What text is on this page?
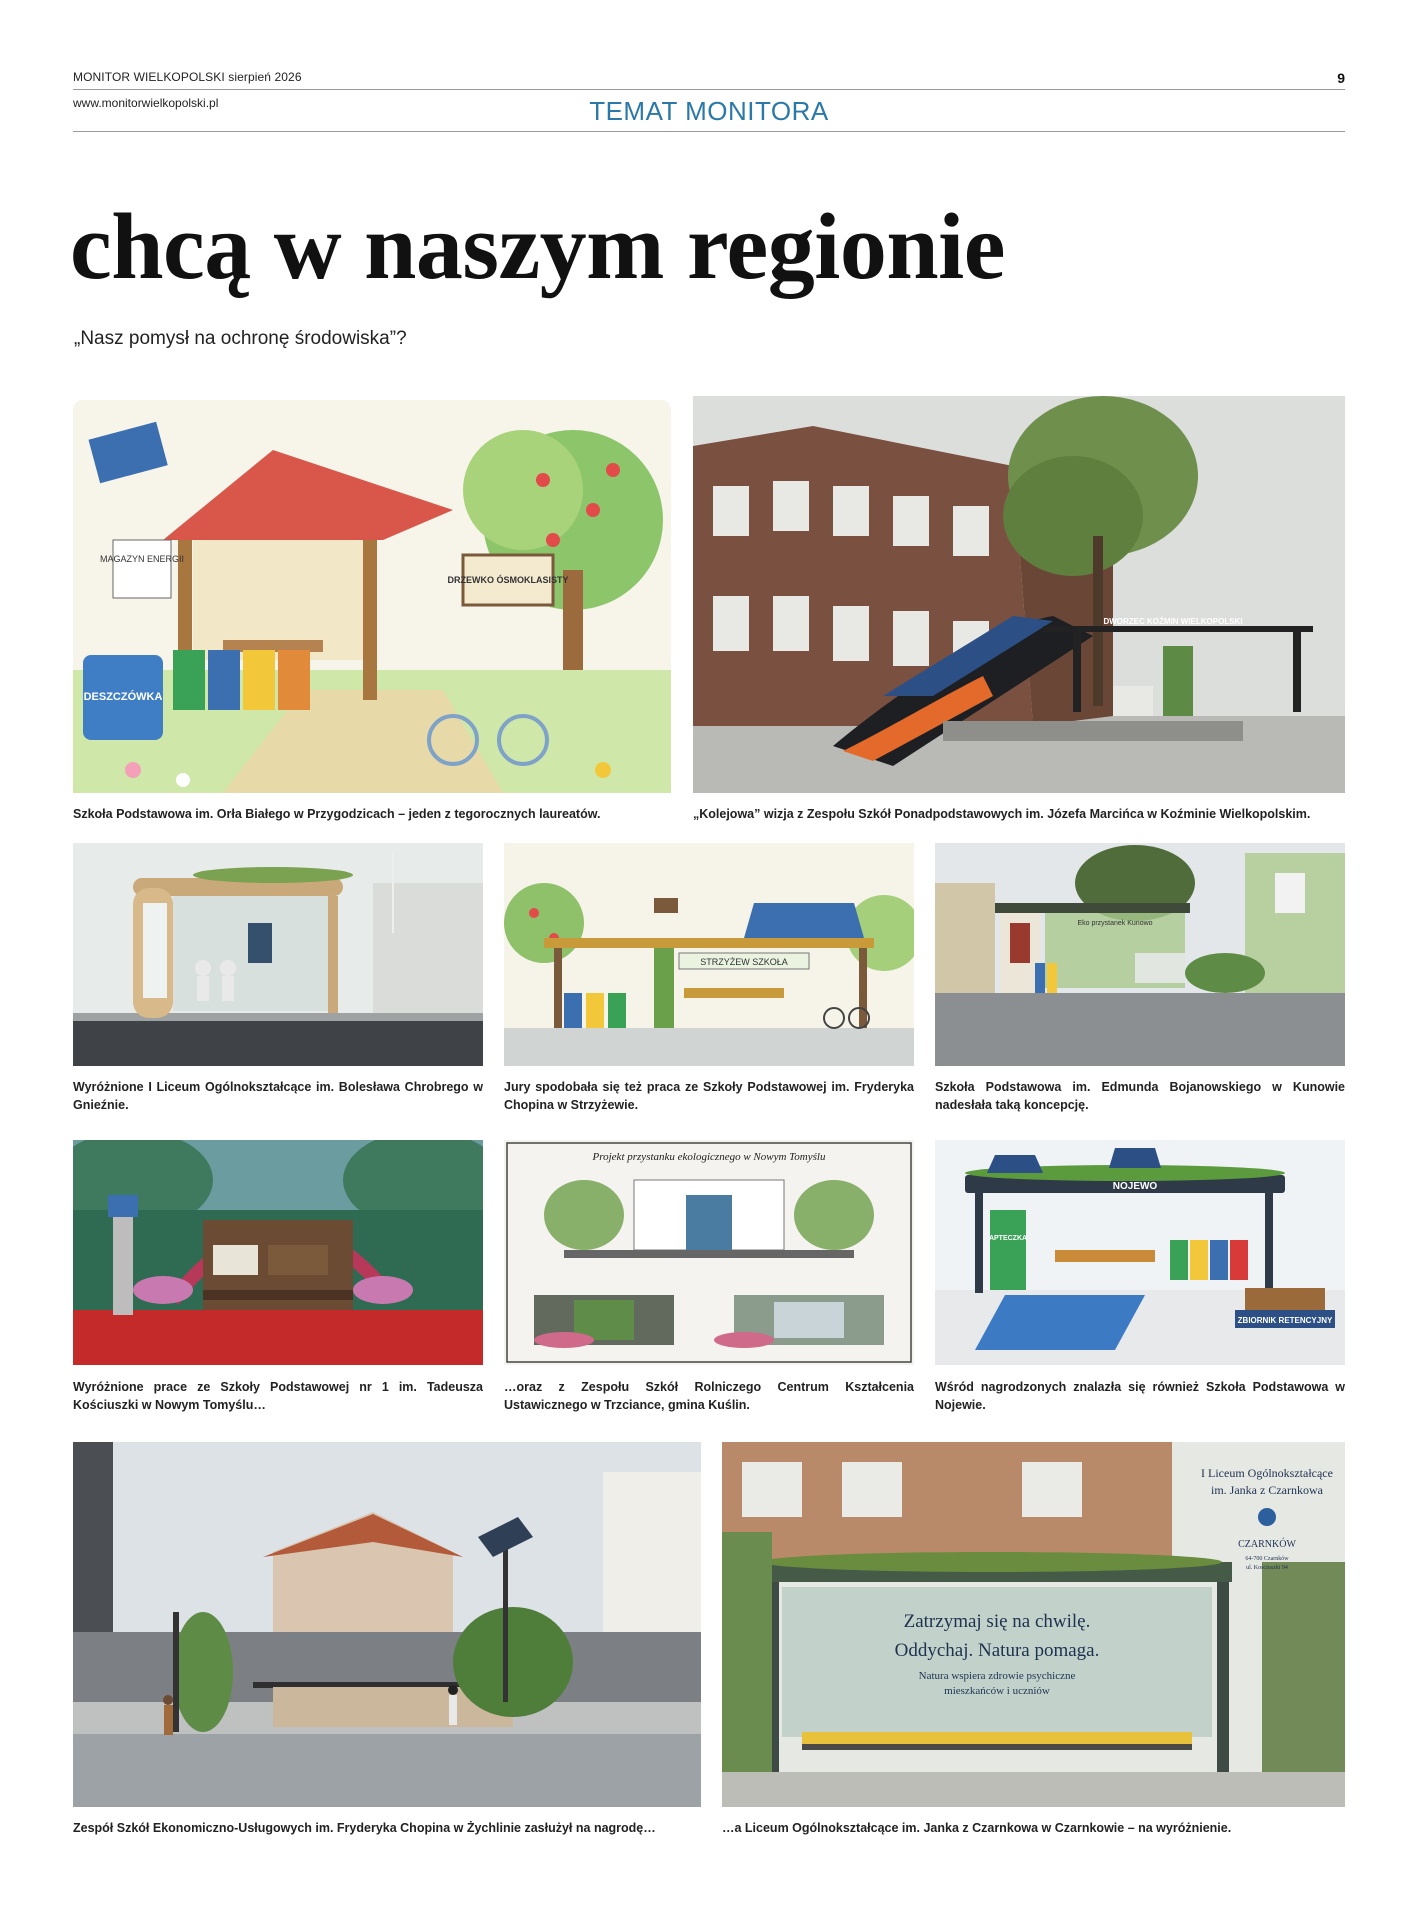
MONITOR WIELKOPOLSKI sierpień 2026
www.monitorwielkopolski.pl	TEMAT MONITORA
9
chcą w naszym regionie
„Nasz pomysł na ochronę środowiska”?
MAGAZYN ENERGII
DESZCZÓWKA
DRZEWKO ÓSMOKLASISTY
Szkoła Podstawowa im. Orła Białego w Przygodzicach – jeden z tegorocznych laureatów.
DWORZEC KOŹMIN WIELKOPOLSKI
„Kolejowa” wizja z Zespołu Szkół Ponadpodstawowych im. Józefa Marcińca w Koźminie Wielkopolskim.
Wyróżnione I Liceum Ogólnokształcące im. Bolesława Chrobrego w Gnieźnie.
STRZYŻEW SZKOŁA
Jury spodobała się też praca ze Szkoły Podstawowej im. Fryderyka Chopina w Strzyżewie.
Eko przystanek Kunowo
Szkoła Podstawowa im. Edmunda Bojanowskiego w Kunowie nadesłała taką koncepcję.
Wyróżnione prace ze Szkoły Podstawowej nr 1 im. Tadeusza Kościuszki w Nowym Tomyślu…
Projekt przystanku ekologicznego w Nowym Tomyślu
…oraz z Zespołu Szkół Rolniczego Centrum Kształcenia Ustawicznego w Trzciance, gmina Kuślin.
NOJEWO
APTECZKA
ZBIORNIK RETENCYJNY
Wśród nagrodzonych znalazła się również Szkoła Podstawowa w Nojewie.
Zespół Szkół Ekonomiczno-Usługowych im. Fryderyka Chopina w Żychlinie zasłużył na nagrodę…
Zatrzymaj się na chwilę.
Oddychaj. Natura pomaga.
Natura wspiera zdrowie psychiczne
mieszkańców i uczniów
I Liceum Ogólnokształcące
im. Janka z Czarnkowa
CZARNKÓW
64-700 Czarnków
ul. Kościuszki 94
…a Liceum Ogólnokształcące im. Janka z Czarnkowa w Czarnkowie – na wyróżnienie.
